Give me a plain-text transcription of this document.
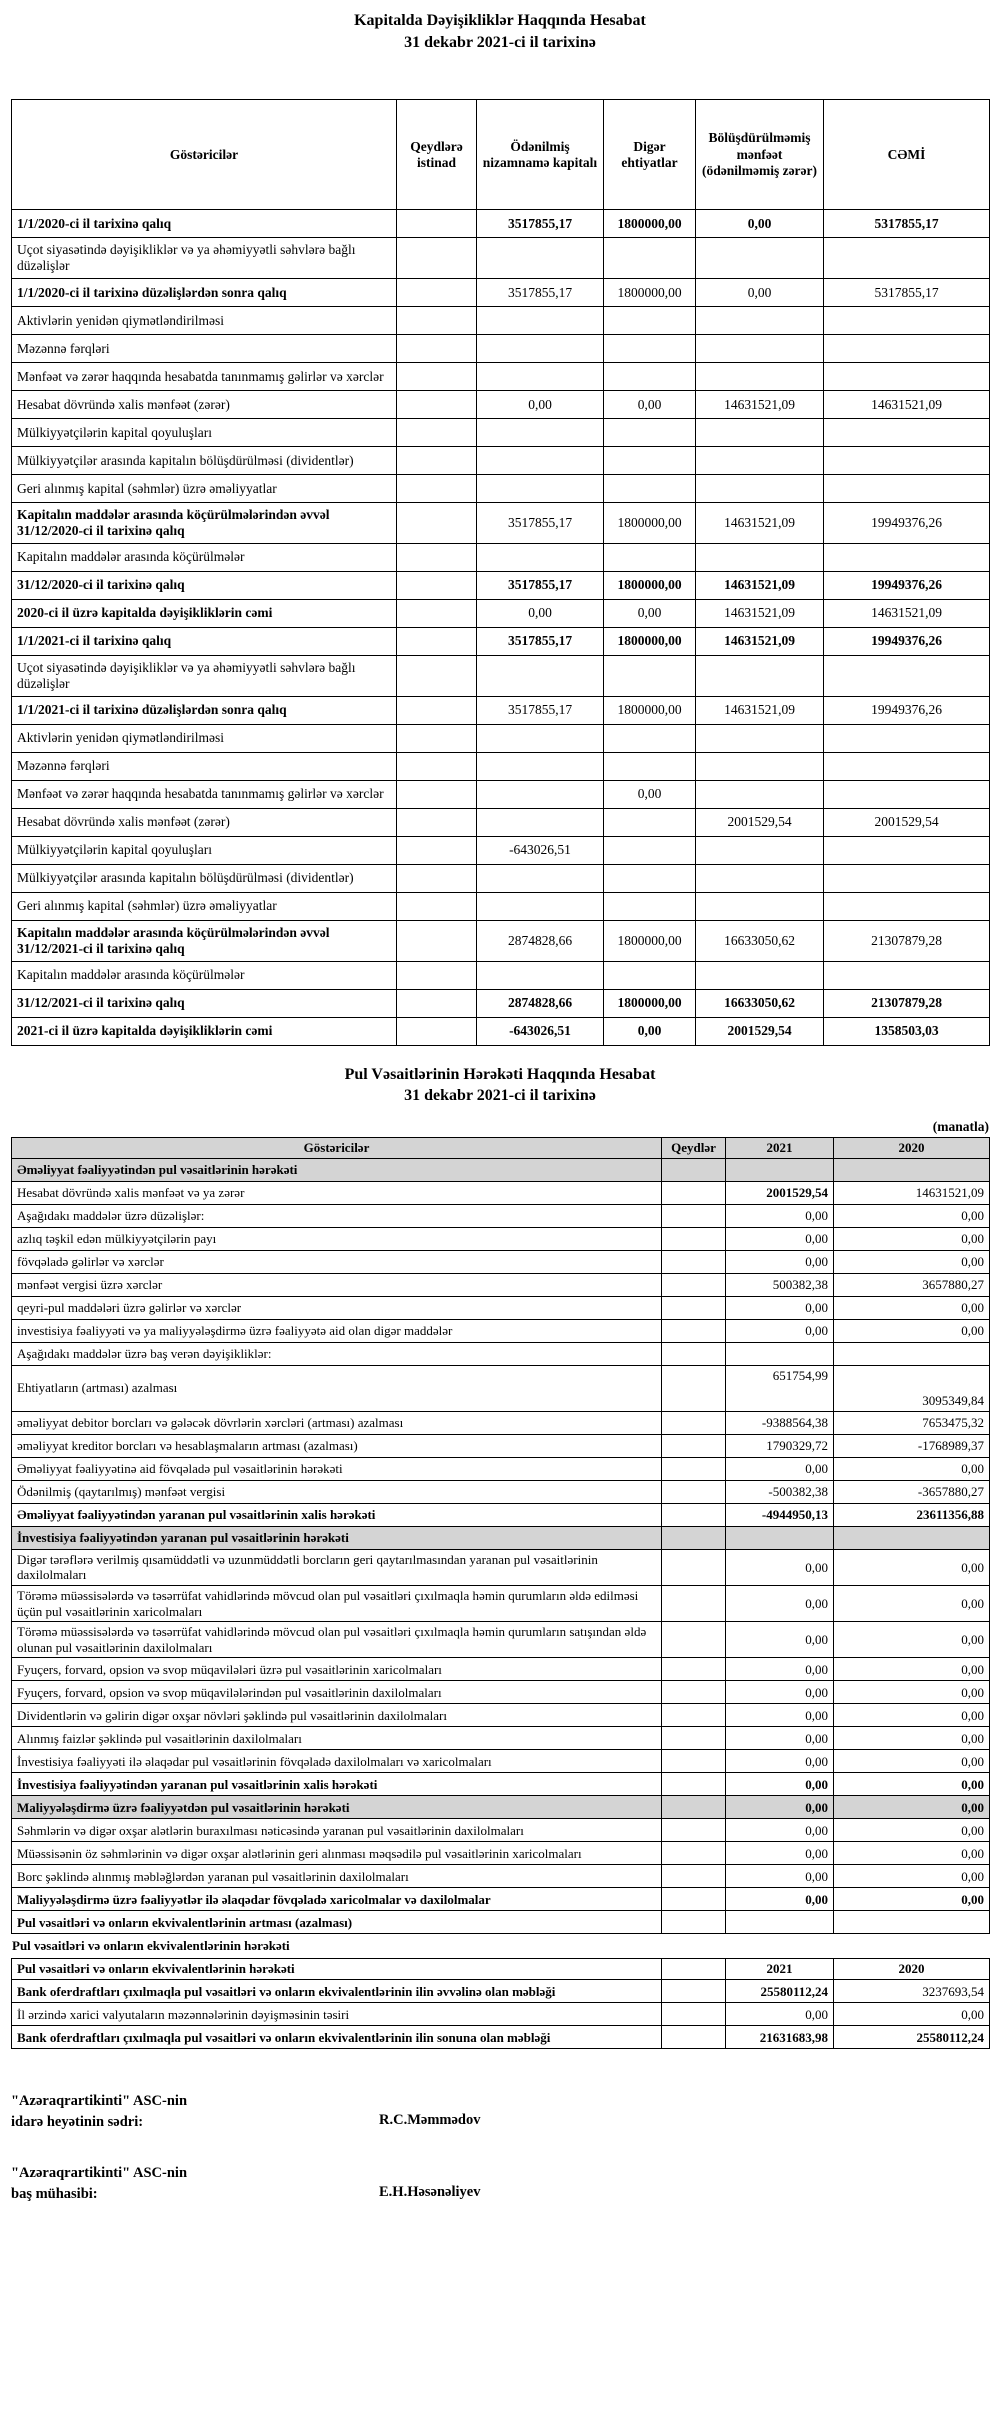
Kapitalda Dəyişikliklər Haqqında Hesabat
31 dekabr 2021-ci il tarixinə
Göstəricilər	Qeydlərə istinad	Ödənilmiş nizamnamə kapitalı	Digər ehtiyatlar	Bölüşdürülməmiş mənfəət (ödənilməmiş zərər)	CƏMİ
1/1/2020-ci il tarixinə qalıq		3517855,17	1800000,00	0,00	5317855,17
Uçot siyasətində dəyişikliklər və ya əhəmiyyətli səhvlərə bağlı düzəlişlər					
1/1/2020-ci il tarixinə düzəlişlərdən sonra qalıq		3517855,17	1800000,00	0,00	5317855,17
Aktivlərin yenidən qiymətləndirilməsi					
Məzənnə fərqləri					
Mənfəət və zərər haqqında hesabatda tanınmamış gəlirlər və xərclər					
Hesabat dövründə xalis mənfəət (zərər)		0,00	0,00	14631521,09	14631521,09
Mülkiyyətçilərin kapital qoyuluşları					
Mülkiyyətçilər arasında kapitalın bölüşdürülməsi (dividentlər)					
Geri alınmış kapital (səhmlər) üzrə əməliyyatlar					
Kapitalın maddələr arasında köçürülmələrindən əvvəl 31/12/2020-ci il tarixinə qalıq		3517855,17	1800000,00	14631521,09	19949376,26
Kapitalın maddələr arasında köçürülmələr					
31/12/2020-ci il tarixinə qalıq		3517855,17	1800000,00	14631521,09	19949376,26
2020-ci il üzrə kapitalda dəyişikliklərin cəmi		0,00	0,00	14631521,09	14631521,09
1/1/2021-ci il tarixinə qalıq		3517855,17	1800000,00	14631521,09	19949376,26
Uçot siyasətində dəyişikliklər və ya əhəmiyyətli səhvlərə bağlı düzəlişlər					
1/1/2021-ci il tarixinə düzəlişlərdən sonra qalıq		3517855,17	1800000,00	14631521,09	19949376,26
Aktivlərin yenidən qiymətləndirilməsi					
Məzənnə fərqləri					
Mənfəət və zərər haqqında hesabatda tanınmamış gəlirlər və xərclər			0,00		
Hesabat dövründə xalis mənfəət (zərər)				2001529,54	2001529,54
Mülkiyyətçilərin kapital qoyuluşları		-643026,51			
Mülkiyyətçilər arasında kapitalın bölüşdürülməsi (dividentlər)					
Geri alınmış kapital (səhmlər) üzrə əməliyyatlar					
Kapitalın maddələr arasında köçürülmələrindən əvvəl 31/12/2021-ci il tarixinə qalıq		2874828,66	1800000,00	16633050,62	21307879,28
Kapitalın maddələr arasında köçürülmələr					
31/12/2021-ci il tarixinə qalıq		2874828,66	1800000,00	16633050,62	21307879,28
2021-ci il üzrə kapitalda dəyişikliklərin cəmi		-643026,51	0,00	2001529,54	1358503,03
Pul Vəsaitlərinin Hərəkəti Haqqında Hesabat
31 dekabr 2021-ci il tarixinə
(manatla)
Göstəricilər	Qeydlər	2021	2020
Əməliyyat fəaliyyətindən pul vəsaitlərinin hərəkəti			
Hesabat dövründə xalis mənfəət və ya zərər		2001529,54	14631521,09
Aşağıdakı maddələr üzrə düzəlişlər:		0,00	0,00
azlıq təşkil edən mülkiyyətçilərin payı		0,00	0,00
fövqəladə gəlirlər və xərclər		0,00	0,00
mənfəət vergisi üzrə xərclər		500382,38	3657880,27
qeyri-pul maddələri üzrə gəlirlər və xərclər		0,00	0,00
investisiya fəaliyyəti və ya maliyyələşdirmə üzrə fəaliyyətə aid olan digər maddələr		0,00	0,00
Aşağıdakı maddələr üzrə baş verən dəyişikliklər:			
Ehtiyatların (artması) azalması		651754,99	3095349,84
əməliyyat debitor borcları və gələcək dövrlərin xərcləri (artması) azalması		-9388564,38	7653475,32
əməliyyat kreditor borcları və hesablaşmaların artması (azalması)		1790329,72	-1768989,37
Əməliyyat fəaliyyətinə aid fövqəladə pul vəsaitlərinin hərəkəti		0,00	0,00
Ödənilmiş (qaytarılmış) mənfəət vergisi		-500382,38	-3657880,27
Əməliyyat fəaliyyətindən yaranan pul vəsaitlərinin xalis hərəkəti		-4944950,13	23611356,88
İnvestisiya fəaliyyətindən yaranan pul vəsaitlərinin hərəkəti			
Digər tərəflərə verilmiş qısamüddətli və uzunmüddətli borcların geri qaytarılmasından yaranan pul vəsaitlərinin daxilolmaları		0,00	0,00
Törəmə müəssisələrdə və təsərrüfat vahidlərində mövcud olan pul vəsaitləri çıxılmaqla həmin qurumların əldə edilməsi üçün pul vəsaitlərinin xaricolmaları		0,00	0,00
Törəmə müəssisələrdə və təsərrüfat vahidlərində mövcud olan pul vəsaitləri çıxılmaqla həmin qurumların satışından əldə olunan pul vəsaitlərinin daxilolmaları		0,00	0,00
Fyuçers, forvard, opsion və svop müqavilələri üzrə pul vəsaitlərinin xaricolmaları		0,00	0,00
Fyuçers, forvard, opsion və svop müqavilələrindən pul vəsaitlərinin daxilolmaları		0,00	0,00
Dividentlərin və gəlirin digər oxşar növləri şəklində pul vəsaitlərinin daxilolmaları		0,00	0,00
Alınmış faizlər şəklində pul vəsaitlərinin daxilolmaları		0,00	0,00
İnvestisiya fəaliyyəti ilə əlaqədar pul vəsaitlərinin fövqəladə daxilolmaları və xaricolmaları		0,00	0,00
İnvestisiya fəaliyyətindən yaranan pul vəsaitlərinin xalis hərəkəti		0,00	0,00
Maliyyələşdirmə üzrə fəaliyyətdən pul vəsaitlərinin hərəkəti		0,00	0,00
Səhmlərin və digər oxşar alətlərin buraxılması nəticəsində yaranan pul vəsaitlərinin daxilolmaları		0,00	0,00
Müəssisənin öz səhmlərinin və digər oxşar alətlərinin geri alınması məqsədilə pul vəsaitlərinin xaricolmaları		0,00	0,00
Borc şəklində alınmış məbləğlərdən yaranan pul vəsaitlərinin daxilolmaları		0,00	0,00
Maliyyələşdirmə üzrə fəaliyyətlər ilə əlaqədar fövqəladə xaricolmalar və daxilolmalar		0,00	0,00
Pul vəsaitləri və onların ekvivalentlərinin artması (azalması)			
Pul vəsaitləri və onların ekvivalentlərinin hərəkəti
Pul vəsaitləri və onların ekvivalentlərinin hərəkəti		2021	2020
Bank oferdraftları çıxılmaqla pul vəsaitləri və onların ekvivalentlərinin ilin əvvəlinə olan məbləği		25580112,24	3237693,54
İl ərzində xarici valyutaların məzənnələrinin dəyişməsinin təsiri		0,00	0,00
Bank oferdraftları çıxılmaqla pul vəsaitləri və onların ekvivalentlərinin ilin sonuna olan məbləği		21631683,98	25580112,24
"Azəraqrartikinti" ASC-nin
idarə heyətinin sədri:	R.C.Məmmədov
"Azəraqrartikinti" ASC-nin
baş mühasibi:	E.H.Həsənəliyev
